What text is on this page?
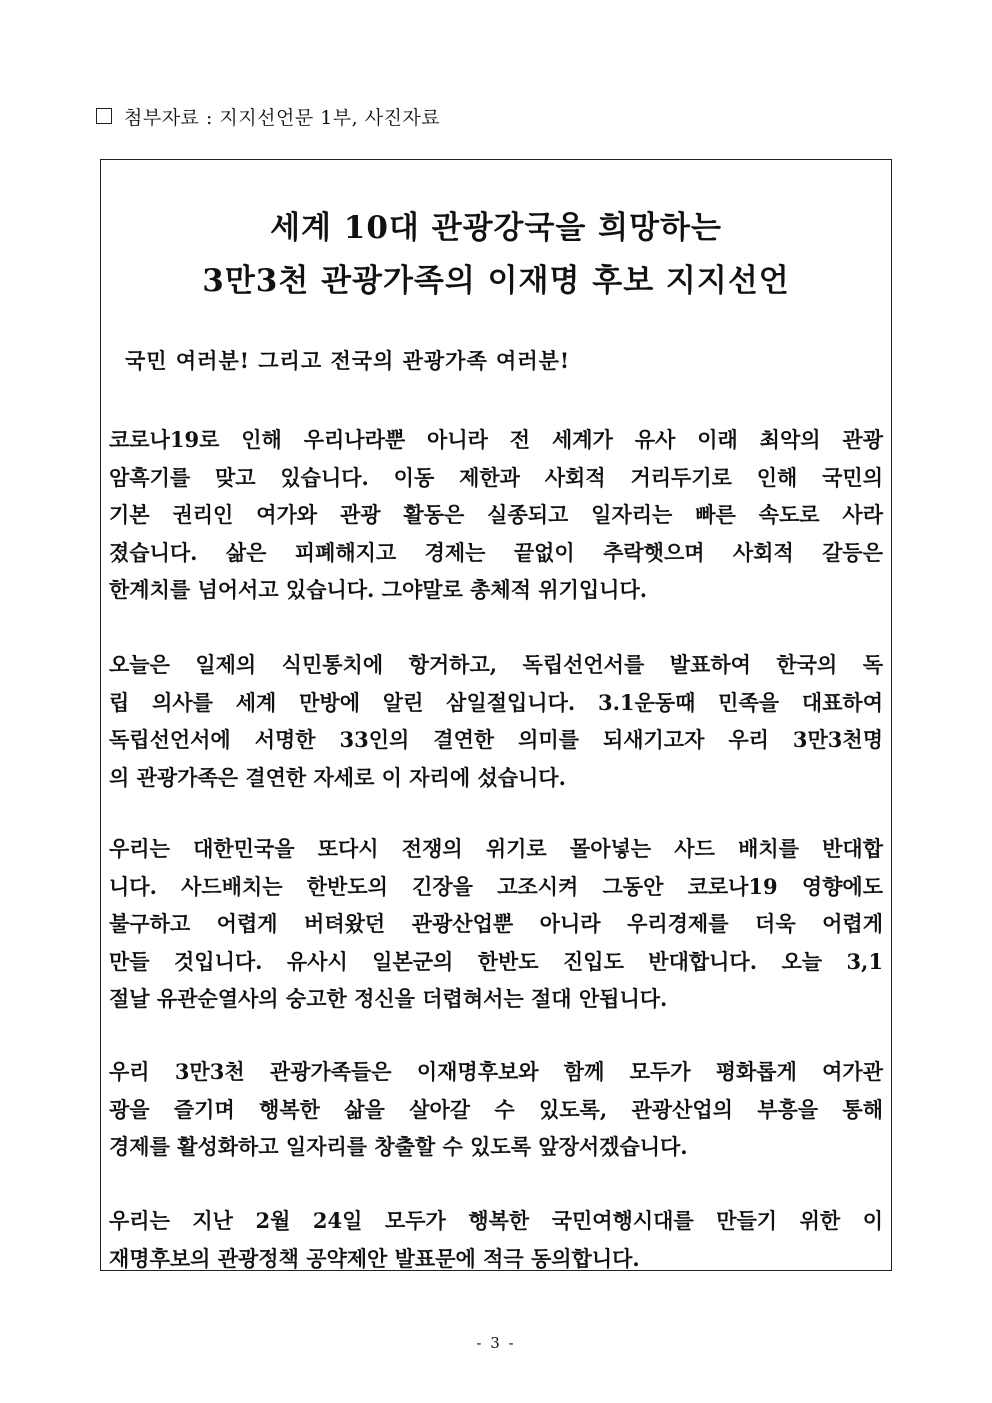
첨부자료 : 지지선언문 1부, 사진자료
세계 10대 관광강국을 희망하는
3만3천 관광가족의 이재명 후보 지지선언
국민 여러분! 그리고 전국의 관광가족 여러분!
코로나19로 인해 우리나라뿐 아니라 전 세계가 유사 이래 최악의 관광
암흑기를 맞고 있습니다. 이동 제한과 사회적 거리두기로 인해 국민의
기본 권리인 여가와 관광 활동은 실종되고 일자리는 빠른 속도로 사라
졌습니다. 삶은 피폐해지고 경제는 끝없이 추락햇으며 사회적 갈등은
한계치를 넘어서고 있습니다. 그야말로 총체적 위기입니다.
오늘은 일제의 식민통치에 항거하고, 독립선언서를 발표하여 한국의 독
립 의사를 세계 만방에 알린 삼일절입니다. 3.1운동때 민족을 대표하여
독립선언서에 서명한 33인의 결연한 의미를 되새기고자 우리 3만3천명
의 관광가족은 결연한 자세로 이 자리에 섰습니다.
우리는 대한민국을 또다시 전쟁의 위기로 몰아넣는 사드 배치를 반대합
니다. 사드배치는 한반도의 긴장을 고조시켜 그동안 코로나19 영향에도
불구하고 어렵게 버텨왔던 관광산업뿐 아니라 우리경제를 더욱 어렵게
만들 것입니다. 유사시 일본군의 한반도 진입도 반대합니다. 오늘 3,1
절날 유관순열사의 숭고한 정신을 더렵혀서는 절대 안됩니다.
우리 3만3천 관광가족들은 이재명후보와 함께 모두가 평화롭게 여가관
광을 즐기며 행복한 삶을 살아갈 수 있도록, 관광산업의 부흥을 통해
경제를 활성화하고 일자리를 창출할 수 있도록 앞장서겠습니다.
우리는 지난 2월 24일 모두가 행복한 국민여행시대를 만들기 위한 이
재명후보의 관광정책 공약제안 발표문에 적극 동의합니다.
- 3 -
